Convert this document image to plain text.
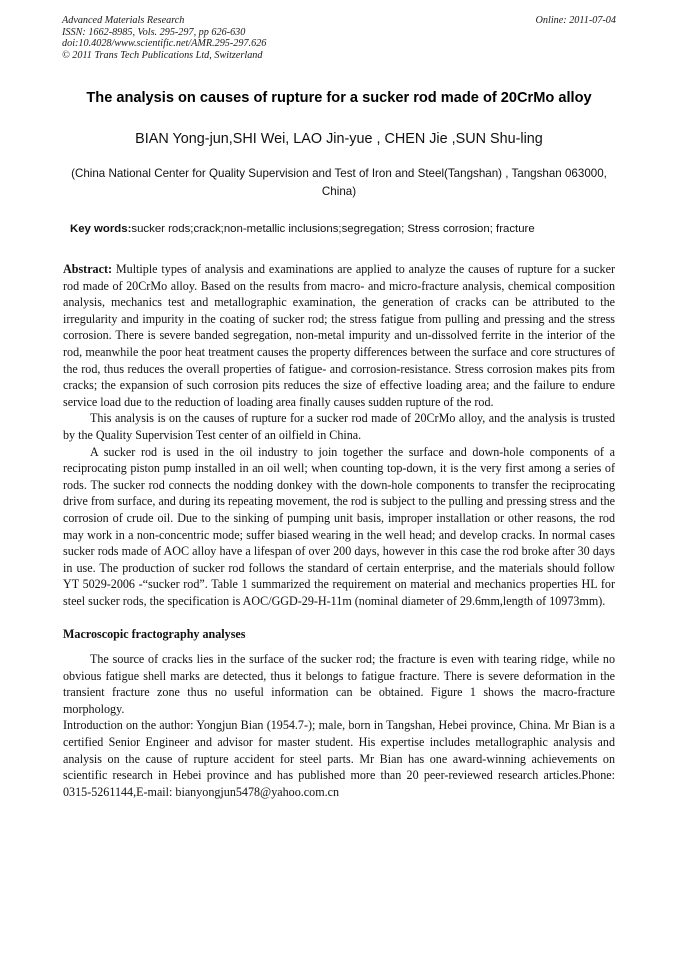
Advanced Materials Research
ISSN: 1662-8985, Vols. 295-297, pp 626-630
doi:10.4028/www.scientific.net/AMR.295-297.626
© 2011 Trans Tech Publications Ltd, Switzerland
Online: 2011-07-04
The analysis on causes of rupture for a sucker rod made of 20CrMo alloy
BIAN Yong-jun,SHI Wei, LAO Jin-yue , CHEN Jie ,SUN Shu-ling
(China National Center for Quality Supervision and Test of Iron and Steel(Tangshan) , Tangshan 063000, China)
Key words:sucker rods;crack;non-metallic inclusions;segregation; Stress corrosion; fracture

Abstract: Multiple types of analysis and examinations are applied to analyze the causes of rupture for a sucker rod made of 20CrMo alloy. Based on the results from macro- and micro-fracture analysis, chemical composition analysis, mechanics test and metallographic examination, the generation of cracks can be attributed to the irregularity and impurity in the coating of sucker rod; the stress fatigue from pulling and pressing and the stress corrosion. There is severe banded segregation, non-metal impurity and un-dissolved ferrite in the interior of the rod, meanwhile the poor heat treatment causes the property differences between the surface and core structures of the rod, thus reduces the overall properties of fatigue- and corrosion-resistance. Stress corrosion makes pits from cracks; the expansion of such corrosion pits reduces the size of effective loading area; and the failure to endure service load due to the reduction of loading area finally causes sudden rupture of the rod.

This analysis is on the causes of rupture for a sucker rod made of 20CrMo alloy, and the analysis is trusted by the Quality Supervision Test center of an oilfield in China.

A sucker rod is used in the oil industry to join together the surface and down-hole components of a reciprocating piston pump installed in an oil well; when counting top-down, it is the very first among a series of rods. The sucker rod connects the nodding donkey with the down-hole components to transfer the reciprocating drive from surface, and during its repeating movement, the rod is subject to the pulling and pressing stress and the corrosion of crude oil. Due to the sinking of pumping unit basis, improper installation or other reasons, the rod may work in a non-concentric mode; suffer biased wearing in the well head; and develop cracks. In normal cases sucker rods made of AOC alloy have a lifespan of over 200 days, however in this case the rod broke after 30 days in use. The production of sucker rod follows the standard of certain enterprise, and the materials should follow YT 5029-2006 -“sucker rod”. Table 1 summarized the requirement on material and mechanics properties HL for steel sucker rods, the specification is AOC/GGD-29-H-11m (nominal diameter of 29.6mm,length of 10973mm).

Macroscopic fractography analyses

The source of cracks lies in the surface of the sucker rod; the fracture is even with tearing ridge, while no obvious fatigue shell marks are detected, thus it belongs to fatigue fracture. There is severe deformation in the transient fracture zone thus no useful information can be obtained. Figure 1 shows the macro-fracture morphology.

Introduction on the author: Yongjun Bian (1954.7-); male, born in Tangshan, Hebei province, China. Mr Bian is a certified Senior Engineer and advisor for master student. His expertise includes metallographic analysis and analysis on the cause of rupture accident for steel parts. Mr Bian has one award-winning achievements on scientific research in Hebei province and has published more than 20 peer-reviewed research articles.Phone: 0315-5261144,E-mail: bianyongjun5478@yahoo.com.cn
